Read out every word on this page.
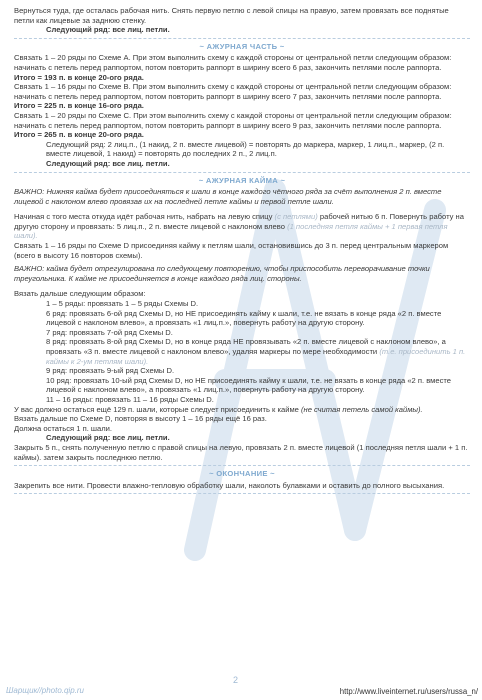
Вернуться туда, где осталась рабочая нить. Снять первую петлю с левой спицы на правую, затем провязать все поднятые петли как лицевые за заднюю стенку.

Следующий ряд: все лиц. петли.

~ АЖУРНАЯ ЧАСТЬ ~

Связать 1 – 20 ряды по Схеме A. При этом выполнить схему с каждой стороны от центральной петли следующим образом: начинать с петель перед раппортом, потом повторить раппорт в ширину всего 6 раз, закончить петлями после раппорта.

Итого = 193 п. в конце 20-ого ряда.

Связать 1 – 16 ряды по Схеме B. При этом выполнить схему с каждой стороны от центральной петли следующим образом: начинать с петель перед раппортом, потом повторить раппорт в ширину всего 7 раз, закончить петлями после раппорта.

Итого = 225 п. в конце 16-ого ряда.

Связать 1 – 20 ряды по Схеме C. При этом выполнить схему с каждой стороны от центральной петли следующим образом: начинать с петель перед раппортом, потом повторить раппорт в ширину всего 9 раз, закончить петлями после раппорта.

Итого = 265 п. в конце 20-ого ряда.

Следующий ряд: 2 лиц.п., (1 накид, 2 п. вместе лицевой) = повторять до маркера, маркер, 1 лиц.п., маркер, (2 п. вместе лицевой, 1 накид) = повторять до последних 2 п., 2 лиц.п.

Следующий ряд: все лиц. петли.

~ АЖУРНАЯ КАЙМА ~

ВАЖНО: Нижняя кайма будет присоединяться к шали в конце каждого чётного ряда за счёт выполнения 2 п. вместе лицевой с наклоном влево провязав их на последней петле каймы и первой петле шали.

Начиная с того места откуда идёт рабочая нить, набрать на левую спицу (с петлями) рабочей нитью 6 п. Повернуть работу на другую сторону и провязать: 5 лиц.п., 2 п. вместе лицевой с наклоном влево (1 последняя петля каймы + 1 первая петля шали).

Связать 1 – 16 ряды по Схеме D присоединяя кайму к петлям шали, остановившись до 3 п. перед центральным маркером (всего в высоту 16 повторов схемы).

ВАЖНО: кайма будет отрегулирована по следующему повторению, чтобы приспособить переворачивание точки треугольника. К кайме не присоединяется в конце каждого ряда лиц. стороны.

Вязать дальше следующим образом:

1 – 5 ряды: провязать 1 – 5 ряды Схемы D.

6 ряд: провязать 6-ой ряд Схемы D, но НЕ присоединять кайму к шали, т.е. не вязать в конце ряда «2 п. вместе лицевой с наклоном влево», а провязать «1 лиц.п.», повернуть работу на другую сторону.

7 ряд: провязать 7-ой ряд Схемы D.

8 ряд: провязать 8-ой ряд Схемы D, но в конце ряда НЕ провязывать «2 п. вместе лицевой с наклоном влево», а провязать «3 п. вместе лицевой с наклоном влево», удаляя маркеры по мере необходимости (т.е. присоединить 1 п. каймы к 2-ум петлям шали).

9 ряд: провязать 9-ый ряд Схемы D.

10 ряд: провязать 10-ый ряд Схемы D, но НЕ присоединять кайму к шали, т.е. не вязать в конце ряда «2 п. вместе лицевой с наклоном влево», а провязать «1 лиц.п.», повернуть работу на другую сторону.

11 – 16 ряды: провязать 11 – 16 ряды Схемы D.

У вас должно остаться ещё 129 п. шали, которые следует присоединить к кайме (не считая петель самой каймы).

Вязать дальше по Схеме D, повторяя в высоту 1 – 16 ряды ещё 16 раз.

Должна остаться 1 п. шали.

Следующий ряд: все лиц. петли.

Закрыть 5 п., снять полученную петлю с правой спицы на левую, провязать 2 п. вместе лицевой (1 последняя петля шали + 1 п. каймы). затем закрыть последнюю петлю.

~ ОКОНЧАНИЕ ~

Закрепить все нити. Провести влажно-тепловую обработку шали, наколоть булавками и оставить до полного высыхания.

Шарщик//photo.qip.ru
2
http://www.liveinternet.ru/users/russa_n/
